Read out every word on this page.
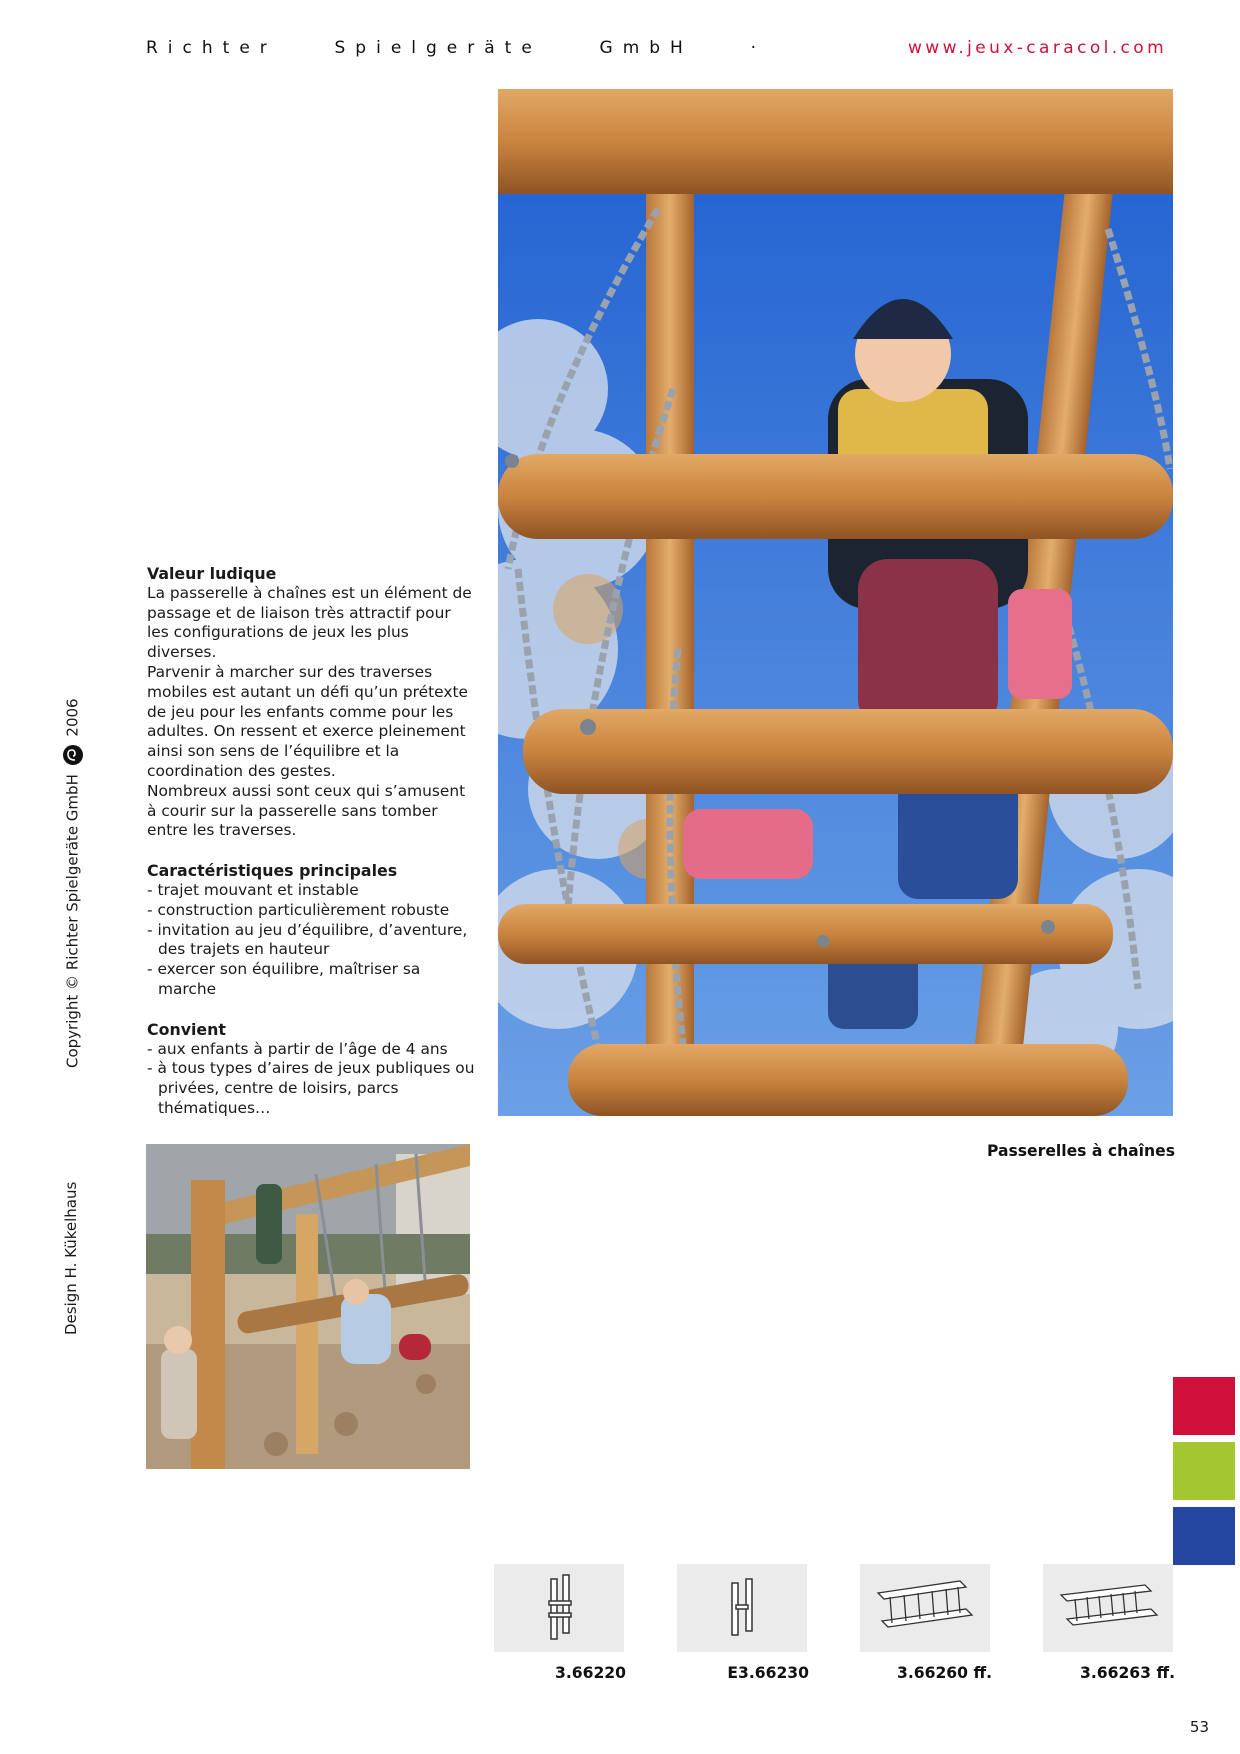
Richter	Spielgeräte	GmbH	·	www.jeux-caracol.com
Valeur ludique

La passerelle à chaînes est un élément de passage et de liaison très attractif pour les configurations de jeux les plus diverses.

Parvenir à marcher sur des traverses mobiles est autant un défi qu’un prétexte de jeu pour les enfants comme pour les adultes. On ressent et exerce pleinement ainsi son sens de l’équilibre et la coordination des gestes.

Nombreux aussi sont ceux qui s’amusent à courir sur la passerelle sans tomber entre les traverses.

Caractéristiques principales
- trajet mouvant et instable
- construction particulièrement robuste
- invitation au jeu d’équilibre, d’aventure, des trajets en hauteur
- exercer son équilibre, maîtriser sa marche
Convient
- aux enfants à partir de l’âge de 4 ans
- à tous types d’aires de jeux publiques ou privées, centre de loisirs, parcs thématiques…
Passerelles à chaînes
Copyright © Richter Spielgeräte GmbH  2006
Design H. Kükelhaus
3.66220	E3.66230	3.66260 ff.	3.66263 ff.
53
